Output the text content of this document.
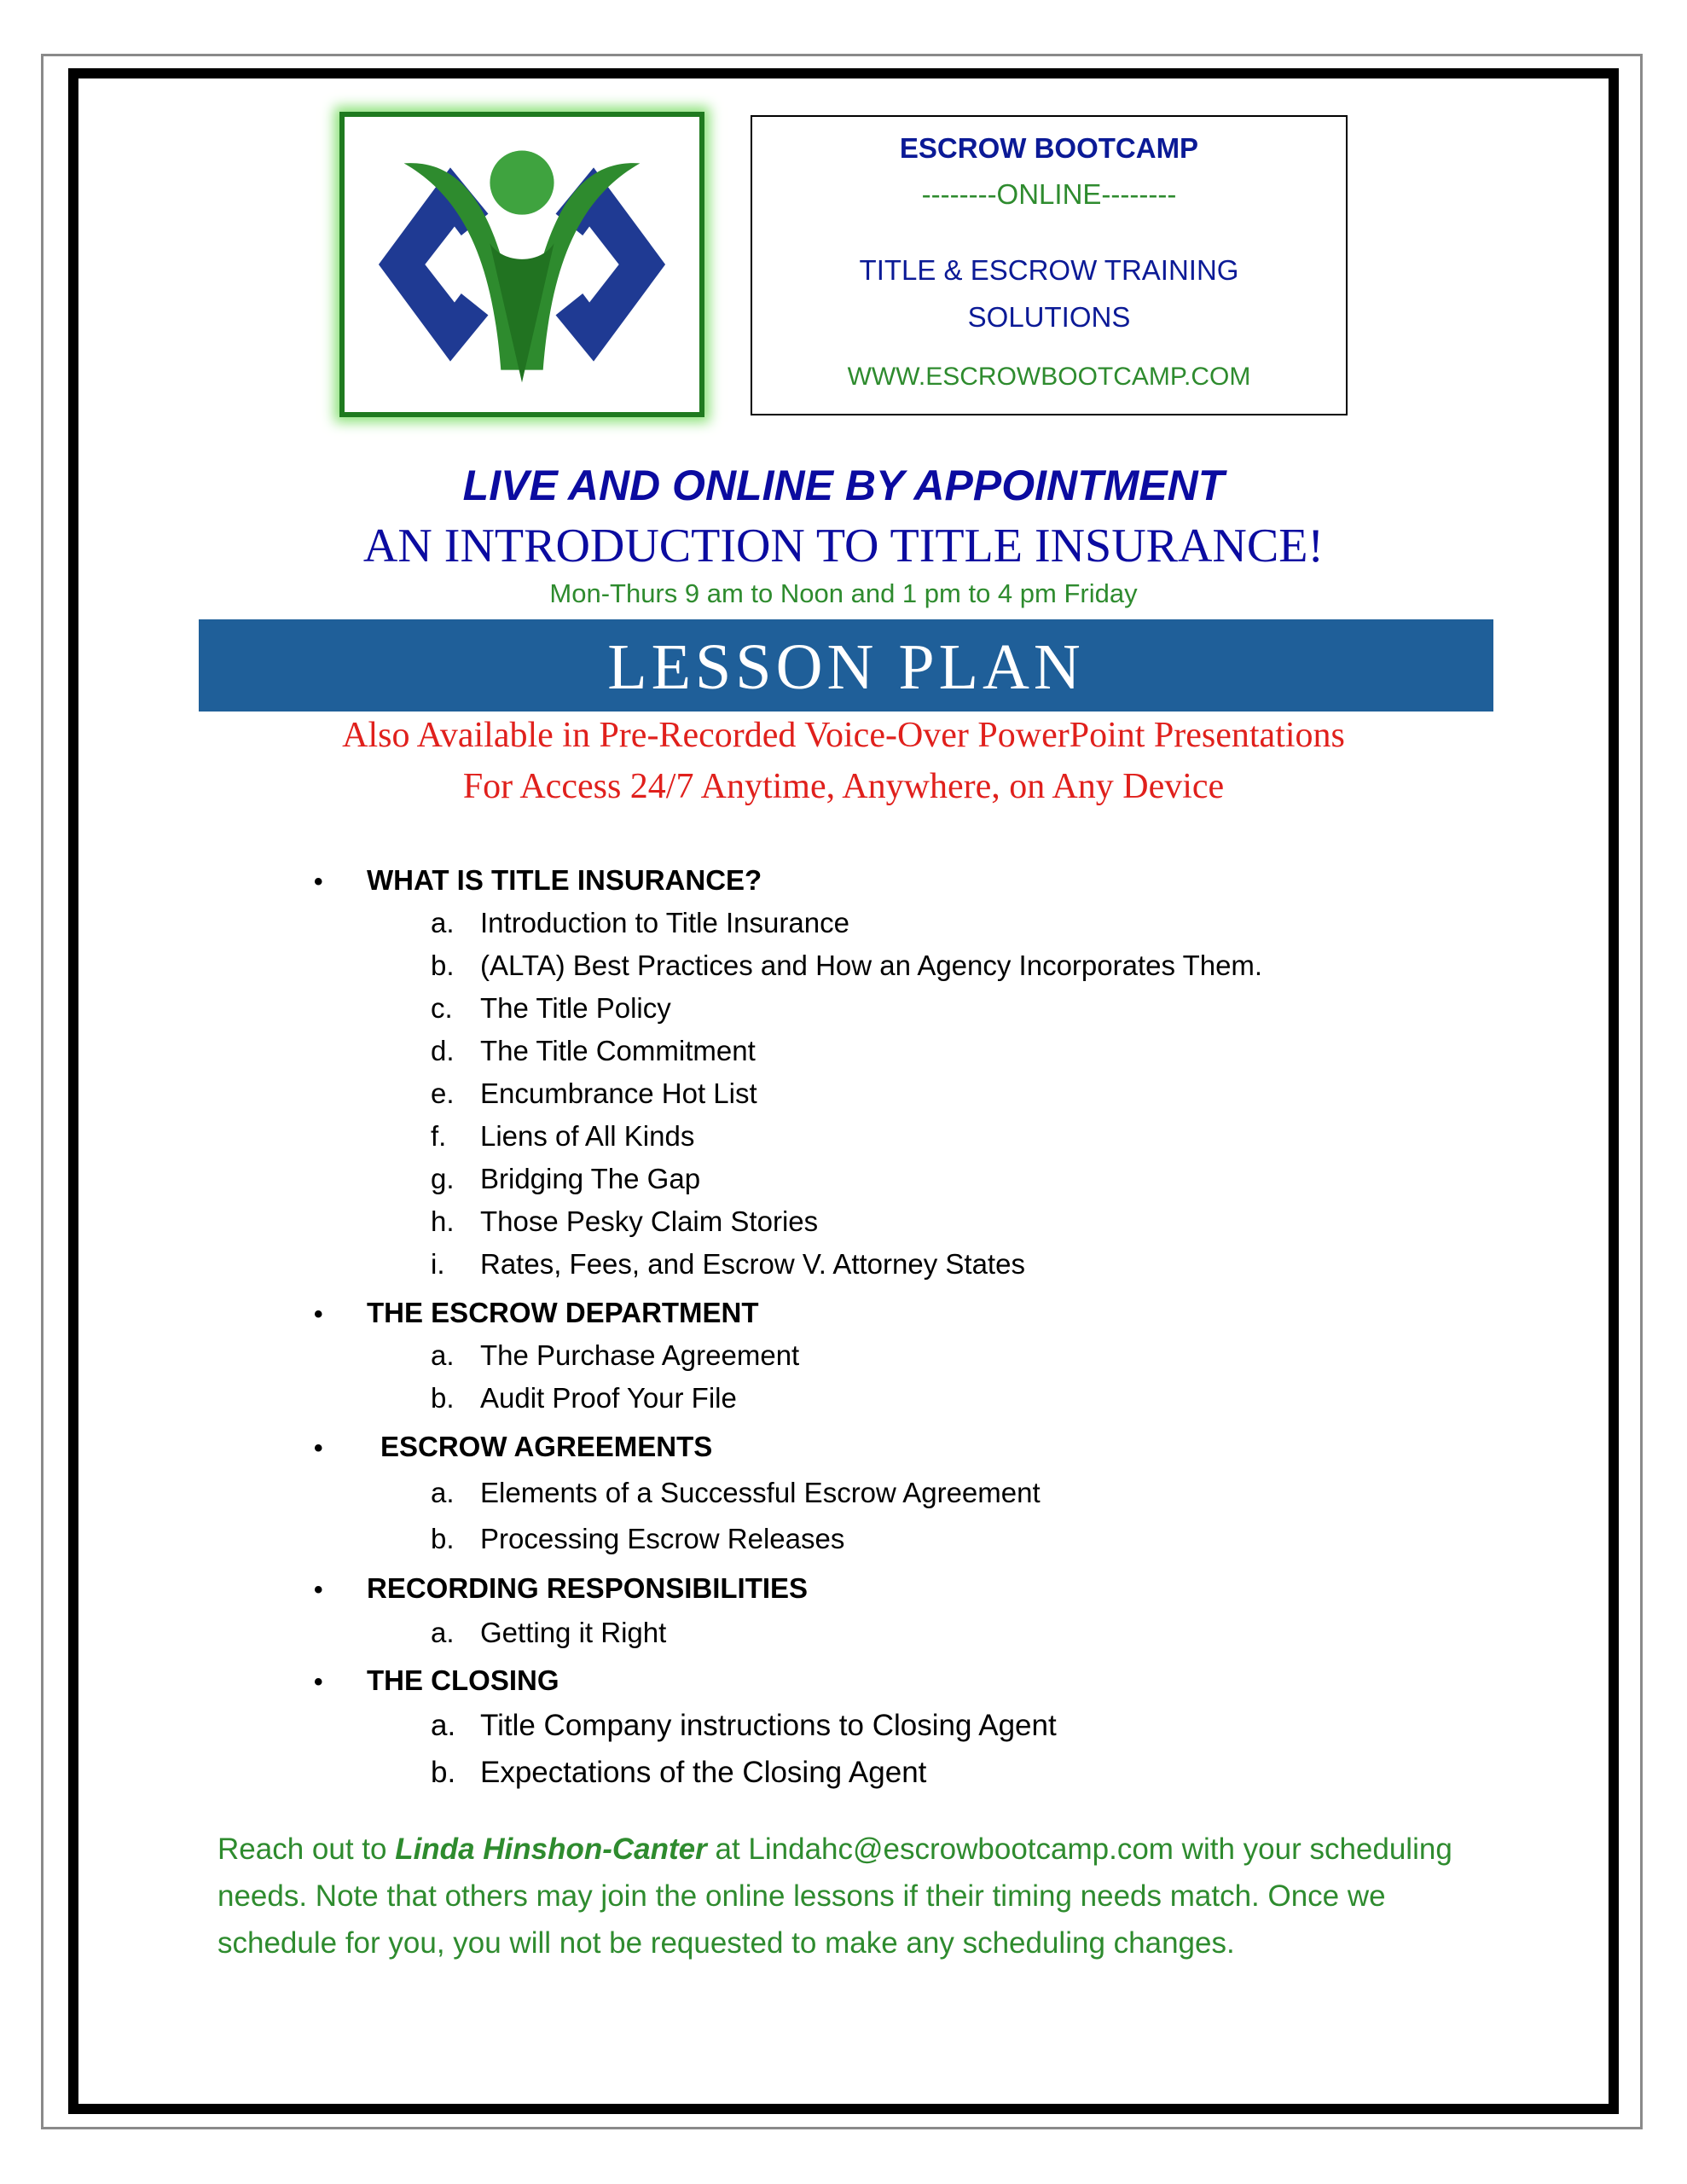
ESCROW BOOTCAMP
--------ONLINE--------
TITLE & ESCROW TRAINING
SOLUTIONS
WWW.ESCROWBOOTCAMP.COM
LIVE AND ONLINE BY APPOINTMENT
AN INTRODUCTION TO TITLE INSURANCE!
Mon-Thurs 9 am to Noon and 1 pm to 4 pm Friday
LESSON PLAN
Also Available in Pre-Recorded Voice-Over PowerPoint Presentations
For Access 24/7 Anytime, Anywhere, on Any Device
• WHAT IS TITLE INSURANCE?
a. Introduction to Title Insurance
b. (ALTA) Best Practices and How an Agency Incorporates Them.
c. The Title Policy
d. The Title Commitment
e. Encumbrance Hot List
f. Liens of All Kinds
g. Bridging The Gap
h. Those Pesky Claim Stories
i. Rates, Fees, and Escrow V. Attorney States
• THE ESCROW DEPARTMENT
a. The Purchase Agreement
b. Audit Proof Your File
• ESCROW AGREEMENTS
a. Elements of a Successful Escrow Agreement
b. Processing Escrow Releases
• RECORDING RESPONSIBILITIES
a. Getting it Right
• THE CLOSING
a. Title Company instructions to Closing Agent
b. Expectations of the Closing Agent
Reach out to Linda Hinshon-Canter at Lindahc@escrowbootcamp.com with your scheduling needs. Note that others may join the online lessons if their timing needs match. Once we schedule for you, you will not be requested to make any scheduling changes.
